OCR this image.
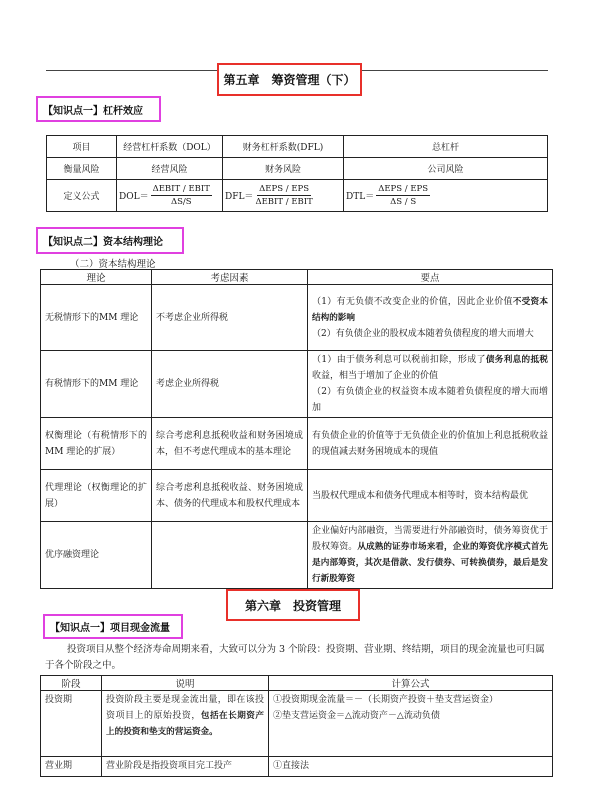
第五章　筹资管理（下）
【知识点一】杠杆效应
项目	经营杠杆系数（DOL）	财务杠杆系数(DFL)	总杠杆
衡量风险	经营风险	财务风险	公司风险
定义公式	$DOL= \frac{\text{ΔEBIT / EBIT}}{\Delta S/S}$	$DFL= \frac{\text{ΔEPS / EPS}}{\text{ΔEBIT / EBIT}}$	$DTL= \frac{\text{ΔEPS / EPS}}{\Delta S / S}$
【知识点二】资本结构理论
（二）资本结构理论
理论	考虑因素	要点
无税情形下的MM 理论	不考虑企业所得税	（1）有无负债不改变企业的价值，因此企业价值不受资本结构的影响
（2）有负债企业的股权成本随着负债程度的增大而增大
有税情形下的MM 理论	考虑企业所得税	（1）由于债务利息可以税前扣除，形成了债务利息的抵税收益，相当于增加了企业的价值
（2）有负债企业的权益资本成本随着负债程度的增大而增加
权衡理论（有税情形下的 MM 理论的扩展）	综合考虑利息抵税收益和财务困境成本，但不考虑代理成本的基本理论	有负债企业的价值等于无负债企业的价值加上利息抵税收益的现值减去财务困境成本的现值
代理理论（权衡理论的扩展）	综合考虑利息抵税收益、财务困境成本、债务的代理成本和股权代理成本	当股权代理成本和债务代理成本相等时，资本结构最优
优序融资理论		企业偏好内部融资，当需要进行外部融资时，债务筹资优于股权筹资。从成熟的证券市场来看，企业的筹资优序模式首先是内部筹资，其次是借款、发行债券、可转换债券，最后是发行新股筹资
第六章　投资管理
【知识点一】项目现金流量
投资项目从整个经济寿命周期来看，大致可以分为 3 个阶段：投资期、营业期、终结期，项目的现金流量也可归属于各个阶段之中。
阶段	说明	计算公式
投资期	投资阶段主要是现金流出量，即在该投资项目上的原始投资，包括在长期资产上的投资和垫支的营运资金。	①投资期现金流量＝－（长期资产投资＋垫支营运资金）
②垫支营运资金＝△流动资产－△流动负债

营业期	营业阶段是指投资项目完工投产	①直接法
